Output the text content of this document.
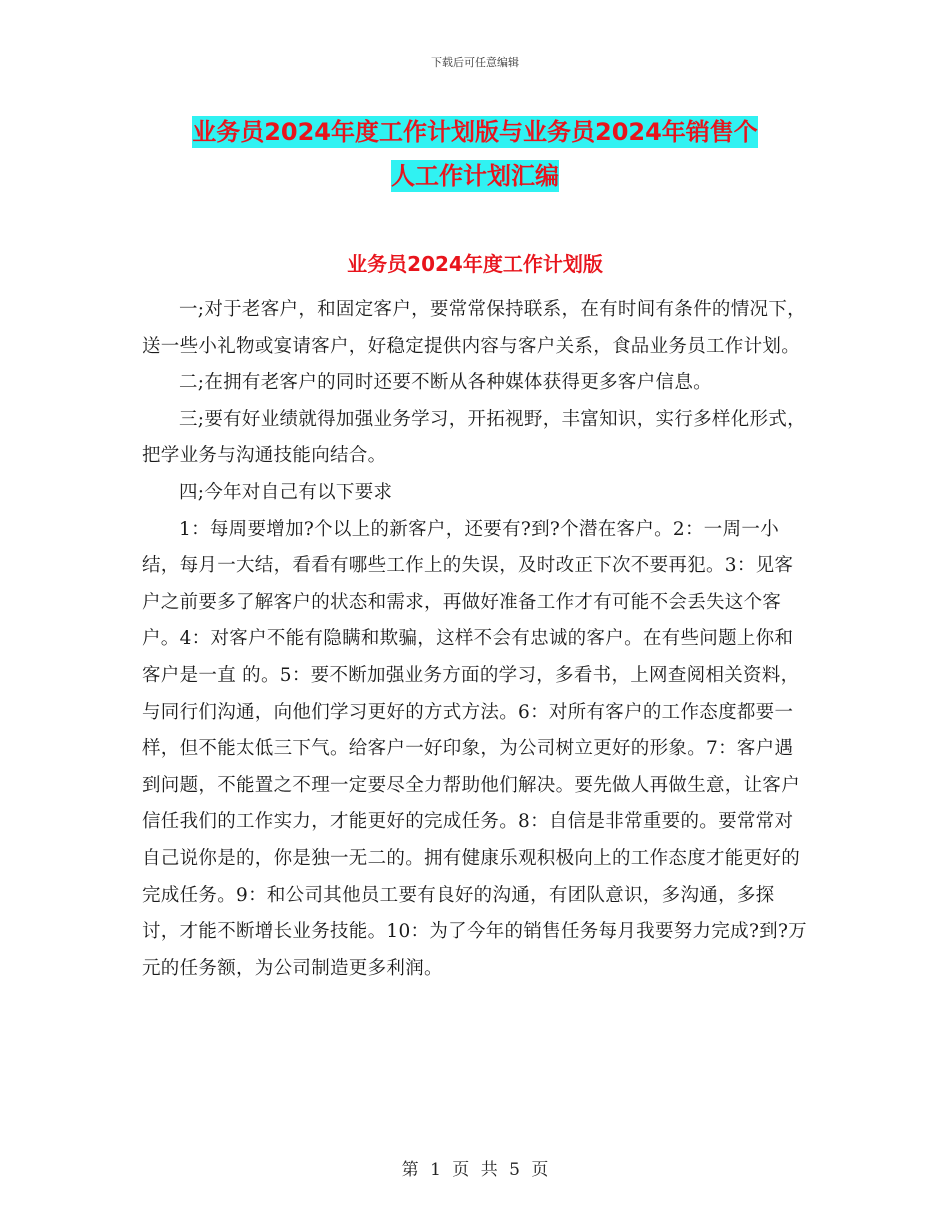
下载后可任意编辑
业务员2024年度工作计划版与业务员2024年销售个
人工作计划汇编
业务员2024年度工作计划版

一;对于老客户，和固定客户，要常常保持联系，在有时间有条件的情况下，送一些小礼物或宴请客户，好稳定提供内容与客户关系，食品业务员工作计划。

二;在拥有老客户的同时还要不断从各种媒体获得更多客户信息。

三;要有好业绩就得加强业务学习，开拓视野，丰富知识，实行多样化形式，把学业务与沟通技能向结合。

四;今年对自己有以下要求

1：每周要增加?个以上的新客户，还要有?到?个潜在客户。2：一周一小结，每月一大结，看看有哪些工作上的失误，及时改正下次不要再犯。3：见客户之前要多了解客户的状态和需求，再做好准备工作才有可能不会丢失这个客户。4：对客户不能有隐瞒和欺骗，这样不会有忠诚的客户。在有些问题上你和客户是一直 的。5：要不断加强业务方面的学习，多看书，上网查阅相关资料，与同行们沟通，向他们学习更好的方式方法。6：对所有客户的工作态度都要一样，但不能太低三下气。给客户一好印象，为公司树立更好的形象。7：客户遇到问题，不能置之不理一定要尽全力帮助他们解决。要先做人再做生意，让客户信任我们的工作实力，才能更好的完成任务。8：自信是非常重要的。要常常对自己说你是的，你是独一无二的。拥有健康乐观积极向上的工作态度才能更好的完成任务。9：和公司其他员工要有良好的沟通，有团队意识，多沟通，多探讨，才能不断增长业务技能。10：为了今年的销售任务每月我要努力完成?到?万元的任务额，为公司制造更多利润。

第 1 页 共 5 页
